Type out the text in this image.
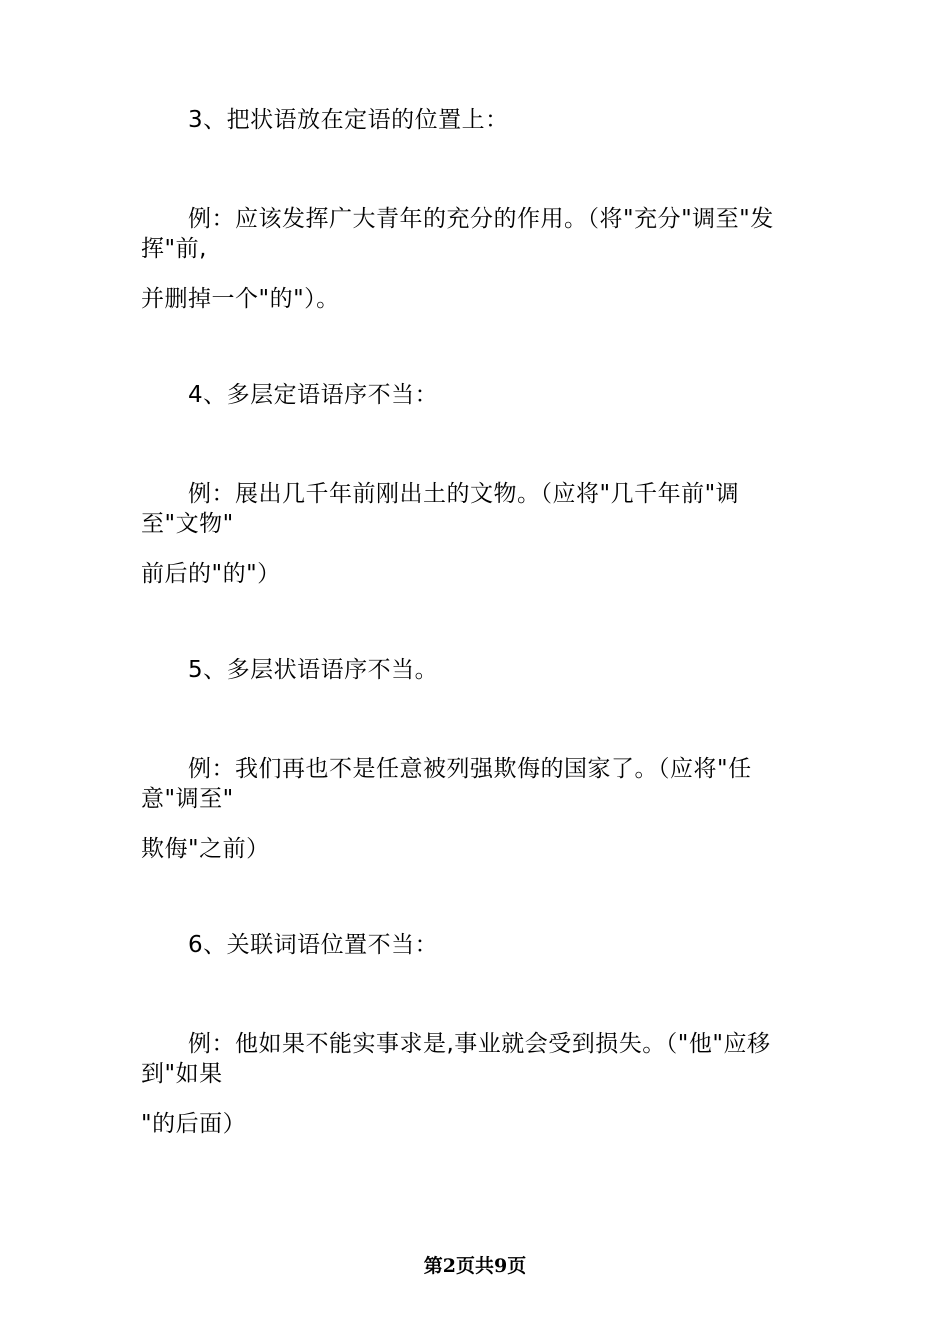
3、把状语放在定语的位置上：
例：应该发挥广大青年的充分的作用。（将"充分"调至"发
挥"前,
并删掉一个"的"）。
4、多层定语语序不当：
例：展出几千年前刚出土的文物。（应将"几千年前"调
至"文物"
前后的"的"）
5、多层状语语序不当。
例：我们再也不是任意被列强欺侮的国家了。（应将"任
意"调至"
欺侮"之前）
6、关联词语位置不当：
例：他如果不能实事求是,事业就会受到损失。（"他"应移
到"如果
"的后面）
第2页共9页
